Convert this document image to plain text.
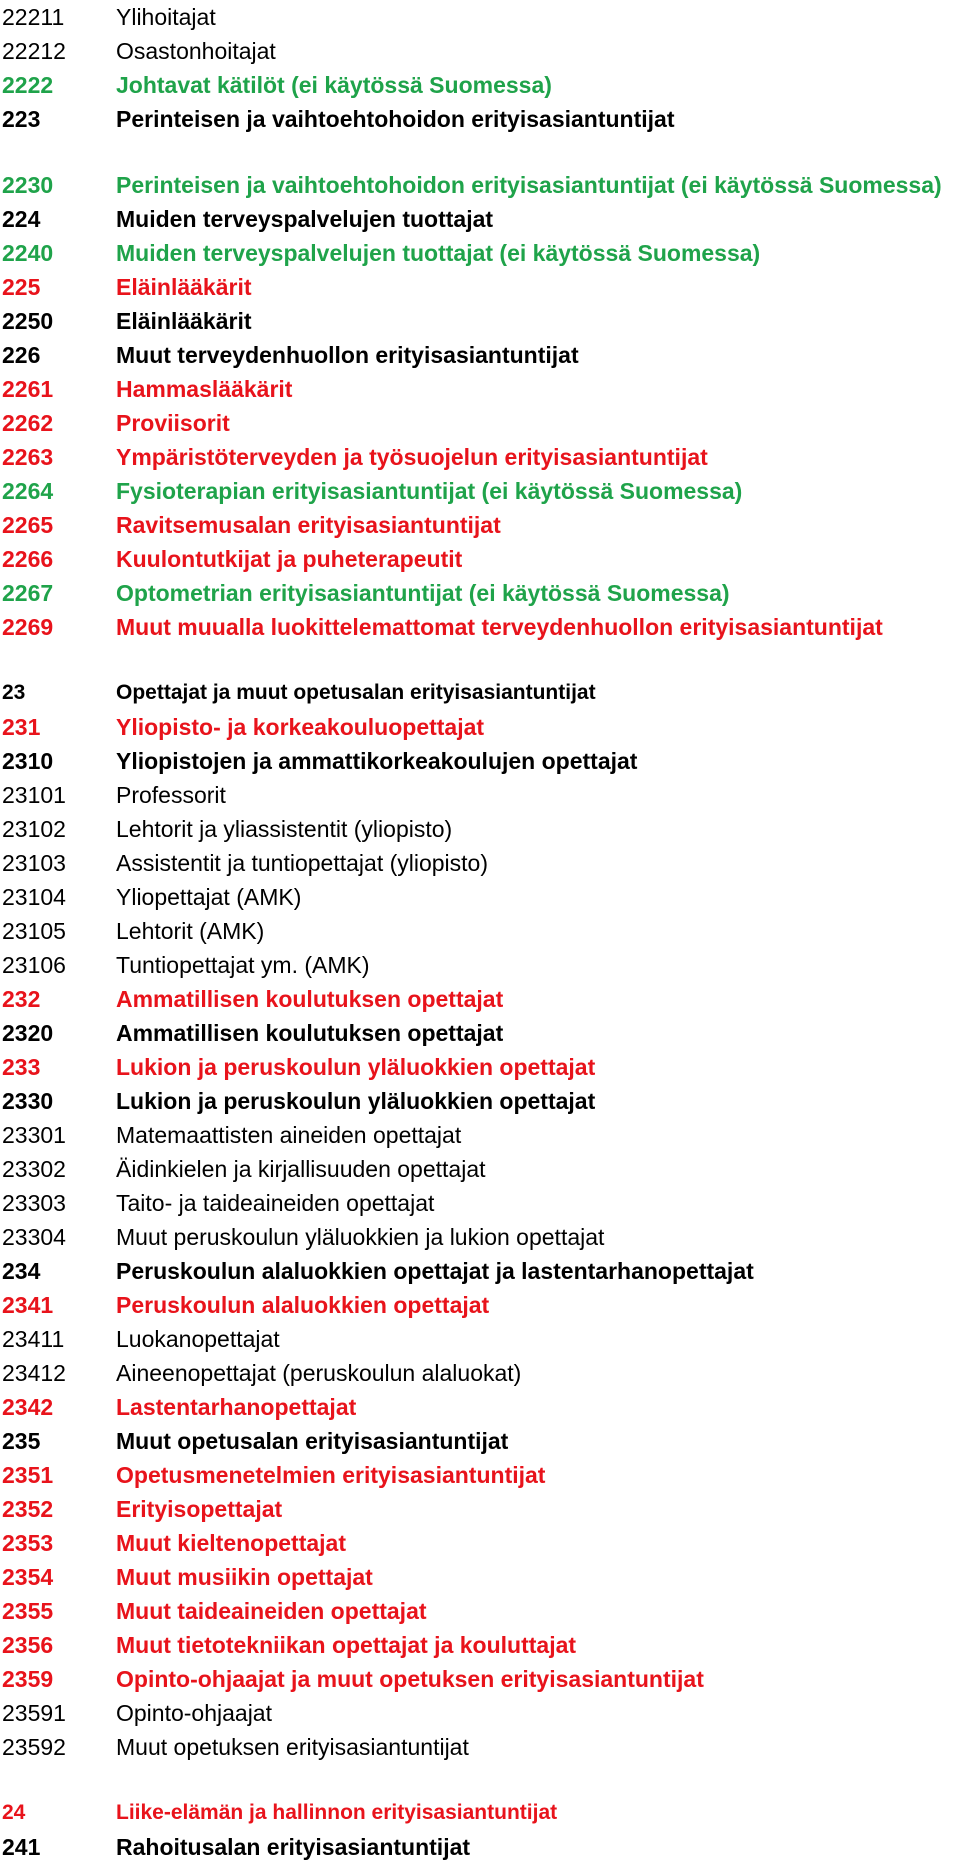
22211 Ylihoitajat
22212 Osastonhoitajat
2222	Johtavat kätilöt (ei käytössä Suomessa)
223	Perinteisen ja vaihtoehtohoidon erityisasiantuntijat
2230	Perinteisen ja vaihtoehtohoidon erityisasiantuntijat (ei käytössä Suomessa)
224	Muiden terveyspalvelujen tuottajat
2240	Muiden terveyspalvelujen tuottajat (ei käytössä Suomessa)
225	Eläinlääkärit
2250	Eläinlääkärit
226	Muut terveydenhuollon erityisasiantuntijat
2261	Hammaslääkärit
2262	Proviisorit
2263	Ympäristöterveyden ja työsuojelun erityisasiantuntijat
2264	Fysioterapian erityisasiantuntijat (ei käytössä Suomessa)
2265	Ravitsemusalan erityisasiantuntijat
2266	Kuulontutkijat ja puheterapeutit
2267	Optometrian erityisasiantuntijat (ei käytössä Suomessa)
2269	Muut muualla luokittelemattomat terveydenhuollon erityisasiantuntijat
23	Opettajat ja muut opetusalan erityisasiantuntijat
231	Yliopisto- ja korkeakouluopettajat
2310	Yliopistojen ja ammattikorkeakoulujen opettajat
23101 Professorit
23102 Lehtorit ja yliassistentit (yliopisto)
23103 Assistentit ja tuntiopettajat (yliopisto)
23104 Yliopettajat (AMK)
23105 Lehtorit (AMK)
23106 Tuntiopettajat ym. (AMK)
232	Ammatillisen koulutuksen opettajat
2320	Ammatillisen koulutuksen opettajat
233	Lukion ja peruskoulun yläluokkien opettajat
2330	Lukion ja peruskoulun yläluokkien opettajat
23301 Matemaattisten aineiden opettajat
23302 Äidinkielen ja kirjallisuuden opettajat
23303 Taito- ja taideaineiden opettajat
23304 Muut peruskoulun yläluokkien ja lukion opettajat
234	Peruskoulun alaluokkien opettajat ja lastentarhanopettajat
2341	Peruskoulun alaluokkien opettajat
23411 Luokanopettajat
23412 Aineenopettajat (peruskoulun alaluokat)
2342	Lastentarhanopettajat
235	Muut opetusalan erityisasiantuntijat
2351	Opetusmenetelmien erityisasiantuntijat
2352	Erityisopettajat
2353	Muut kieltenopettajat
2354	Muut musiikin opettajat
2355	Muut taideaineiden opettajat
2356	Muut tietotekniikan opettajat ja kouluttajat
2359	Opinto-ohjaajat ja muut opetuksen erityisasiantuntijat
23591 Opinto-ohjaajat
23592 Muut opetuksen erityisasiantuntijat
24	Liike-elämän ja hallinnon erityisasiantuntijat
241	Rahoitusalan erityisasiantuntijat
